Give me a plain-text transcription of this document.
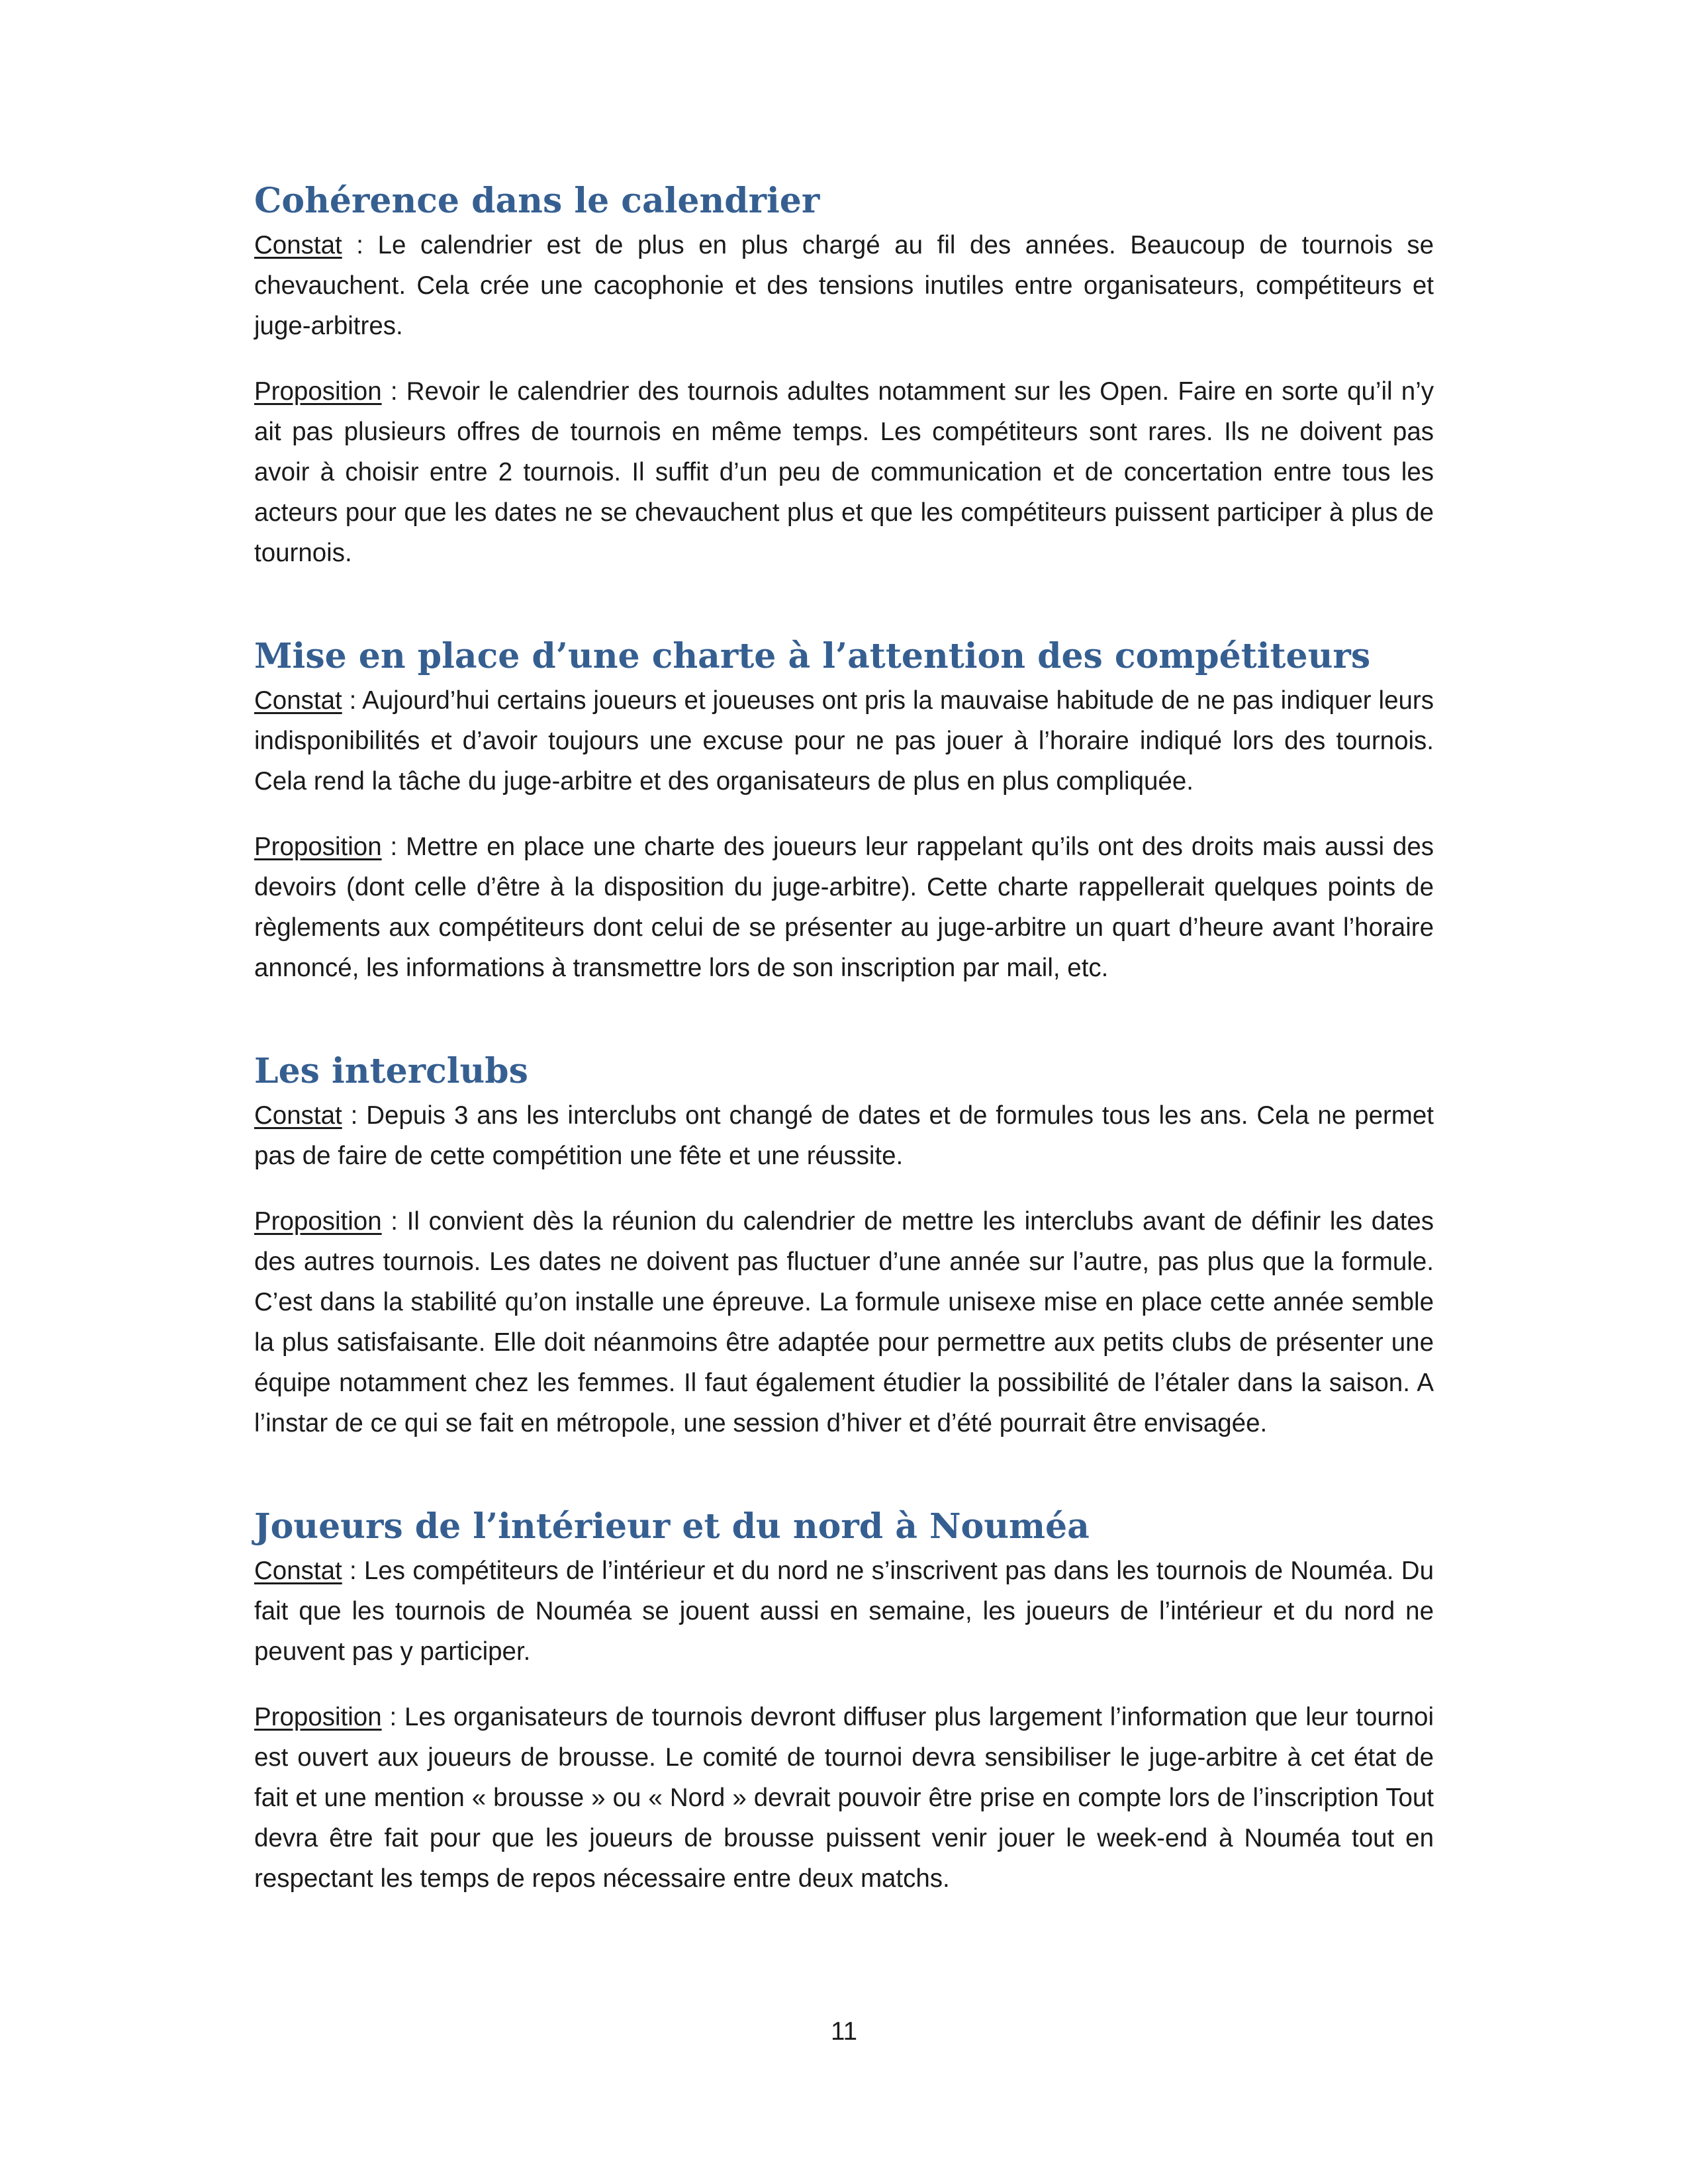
Cohérence dans le calendrier

Constat : Le calendrier est de plus en plus chargé au fil des années. Beaucoup de tournois se chevauchent. Cela crée une cacophonie et des tensions inutiles entre organisateurs, compétiteurs et juge-arbitres.

Proposition : Revoir le calendrier des tournois adultes notamment sur les Open. Faire en sorte qu’il n’y ait pas plusieurs offres de tournois en même temps. Les compétiteurs sont rares. Ils ne doivent pas avoir à choisir entre 2 tournois. Il suffit d’un peu de communication et de concertation entre tous les acteurs pour que les dates ne se chevauchent plus et que les compétiteurs puissent participer à plus de tournois.

Mise en place d’une charte à l’attention des compétiteurs

Constat : Aujourd’hui certains joueurs et joueuses ont pris la mauvaise habitude de ne pas indiquer leurs indisponibilités et d’avoir toujours une excuse pour ne pas jouer à l’horaire indiqué lors des tournois. Cela rend la tâche du juge-arbitre et des organisateurs de plus en plus compliquée.

Proposition : Mettre en place une charte des joueurs leur rappelant qu’ils ont des droits mais aussi des devoirs (dont celle d’être à la disposition du juge-arbitre). Cette charte rappellerait quelques points de règlements aux compétiteurs dont celui de se présenter au juge-arbitre un quart d’heure avant l’horaire annoncé, les informations à transmettre lors de son inscription par mail, etc.

Les interclubs

Constat : Depuis 3 ans les interclubs ont changé de dates et de formules tous les ans. Cela ne permet pas de faire de cette compétition une fête et une réussite.

Proposition : Il convient dès la réunion du calendrier de mettre les interclubs avant de définir les dates des autres tournois. Les dates ne doivent pas fluctuer d’une année sur l’autre, pas plus que la formule. C’est dans la stabilité qu’on installe une épreuve. La formule unisexe mise en place cette année semble la plus satisfaisante. Elle doit néanmoins être adaptée pour permettre aux petits clubs de présenter une équipe notamment chez les femmes. Il faut également étudier la possibilité de l’étaler dans la saison. A l’instar de ce qui se fait en métropole, une session d’hiver et d’été pourrait être envisagée.

Joueurs de l’intérieur et du nord à Nouméa

Constat : Les compétiteurs de l’intérieur et du nord ne s’inscrivent pas dans les tournois de Nouméa. Du fait que les tournois de Nouméa se jouent aussi en semaine, les joueurs de l’intérieur et du nord ne peuvent pas y participer.

Proposition : Les organisateurs de tournois devront diffuser plus largement l’information que leur tournoi est ouvert aux joueurs de brousse. Le comité de tournoi devra sensibiliser le juge-arbitre à cet état de fait et une mention « brousse » ou « Nord » devrait pouvoir être prise en compte lors de l’inscription Tout devra être fait pour que les joueurs de brousse puissent venir jouer le week-end à Nouméa tout en respectant les temps de repos nécessaire entre deux matchs.

11
